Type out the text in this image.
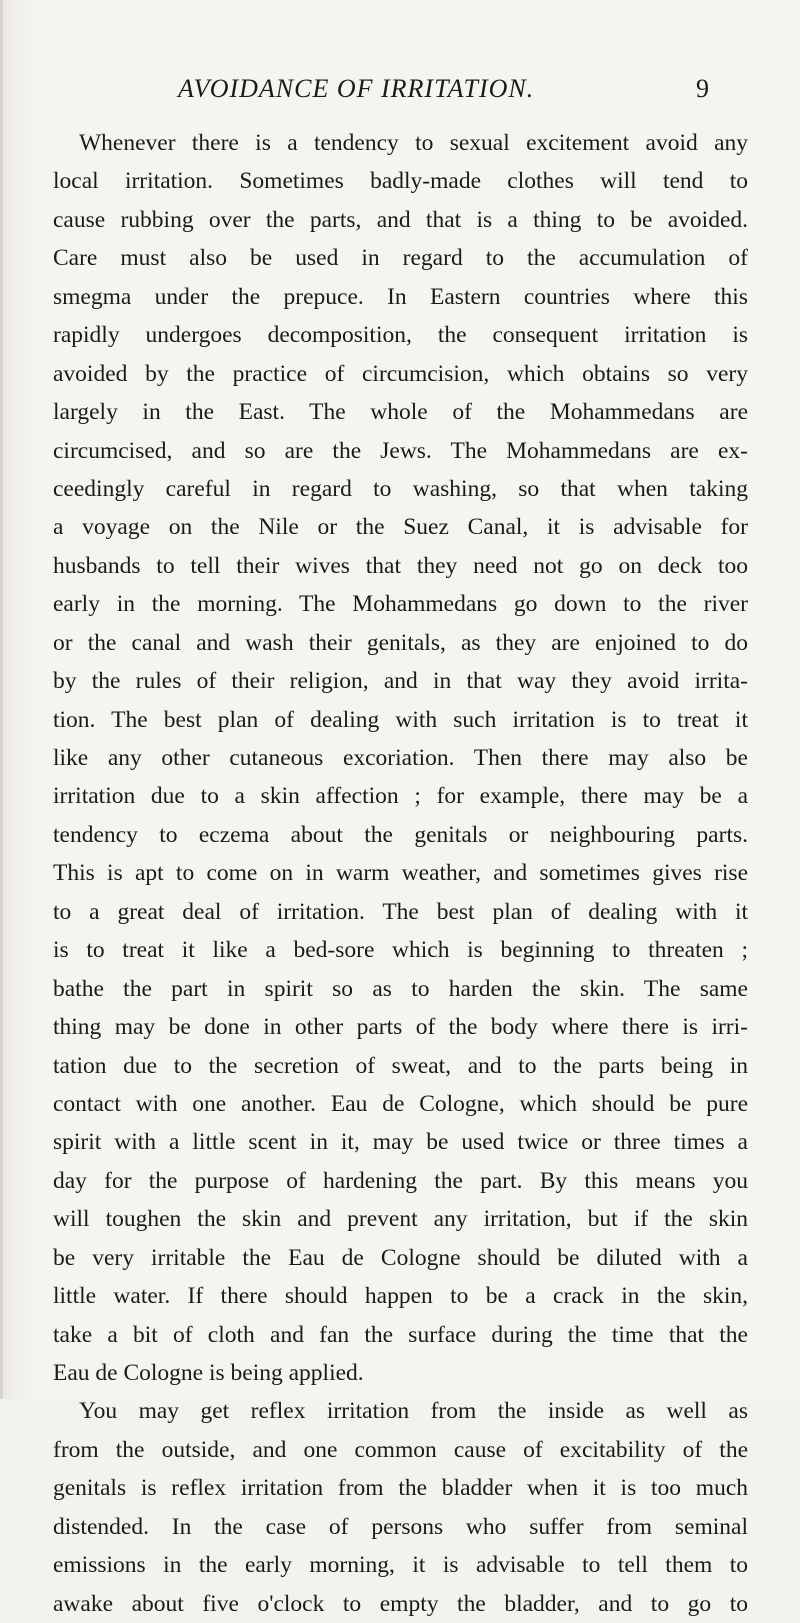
AVOIDANCE OF IRRITATION.	9
Whenever there is a tendency to sexual excitement avoid any
local irritation. Sometimes badly-made clothes will tend to
cause rubbing over the parts, and that is a thing to be avoided.
Care must also be used in regard to the accumulation of
smegma under the prepuce. In Eastern countries where this
rapidly undergoes decomposition, the consequent irritation is
avoided by the practice of circumcision, which obtains so very
largely in the East. The whole of the Mohammedans are
circumcised, and so are the Jews. The Mohammedans are ex-
ceedingly careful in regard to washing, so that when taking
a voyage on the Nile or the Suez Canal, it is advisable for
husbands to tell their wives that they need not go on deck too
early in the morning. The Mohammedans go down to the river
or the canal and wash their genitals, as they are enjoined to do
by the rules of their religion, and in that way they avoid irrita-
tion. The best plan of dealing with such irritation is to treat it
like any other cutaneous excoriation. Then there may also be
irritation due to a skin affection ; for example, there may be a
tendency to eczema about the genitals or neighbouring parts.
This is apt to come on in warm weather, and sometimes gives rise
to a great deal of irritation. The best plan of dealing with it
is to treat it like a bed-sore which is beginning to threaten ;
bathe the part in spirit so as to harden the skin. The same
thing may be done in other parts of the body where there is irri-
tation due to the secretion of sweat, and to the parts being in
contact with one another. Eau de Cologne, which should be pure
spirit with a little scent in it, may be used twice or three times a
day for the purpose of hardening the part. By this means you
will toughen the skin and prevent any irritation, but if the skin
be very irritable the Eau de Cologne should be diluted with a
little water. If there should happen to be a crack in the skin,
take a bit of cloth and fan the surface during the time that the
Eau de Cologne is being applied.
You may get reflex irritation from the inside as well as
from the outside, and one common cause of excitability of the
genitals is reflex irritation from the bladder when it is too much
distended. In the case of persons who suffer from seminal
emissions in the early morning, it is advisable to tell them to
awake about five o'clock to empty the bladder, and to go to
